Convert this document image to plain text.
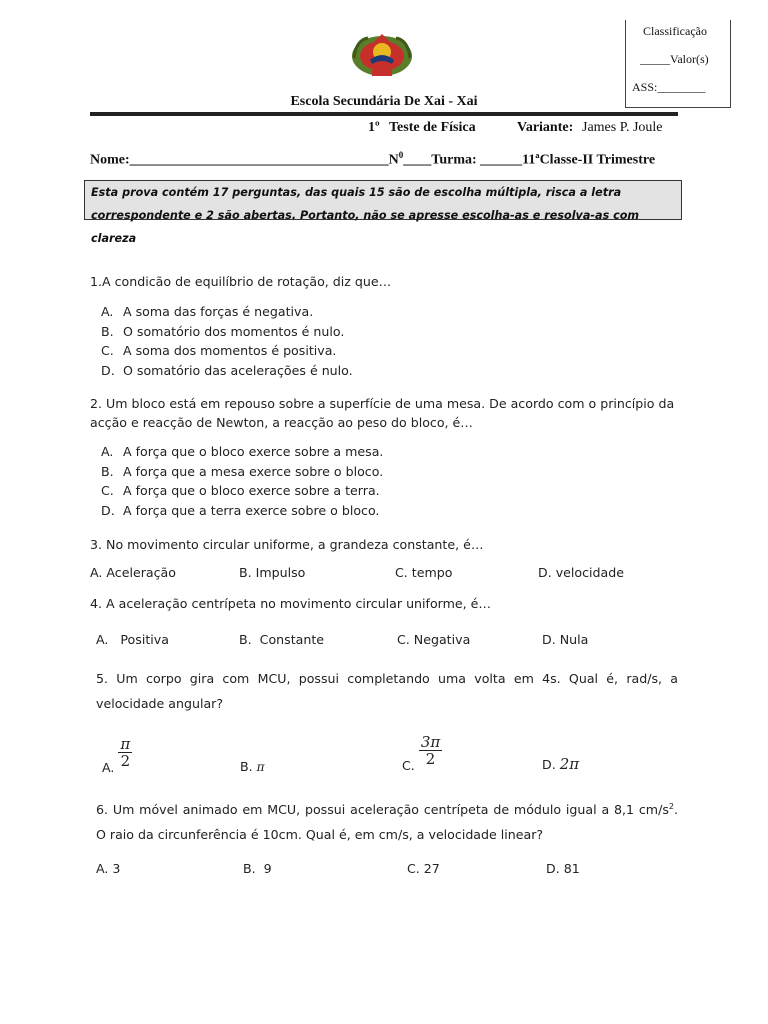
Classificação
_____Valor(s)
ASS:________
Escola Secundária De Xai - Xai
1º Teste de Física	Variante: James P. Joule
$Nome:\_\_\_\_\_\_\_\_\_\_\_\_\_\_\_\_\_\_\_\_\_\_\_\_\_\_\_\_\_\_\_\_\_\_\_\_\_N^0\_\_\_\_Turma$: ______11ªClasse-II Trimestre
Esta prova contém 17 perguntas, das quais 15 são de escolha múltipla, risca a letra correspondente e 2 são abertas. Portanto, não se apresse escolha-as e resolva-as com clareza
1.A condicão de equilíbrio de rotação, diz que…
A. A soma das forças é negativa.
B. O somatório dos momentos é nulo.
C. A soma dos momentos é positiva.
D. O somatório das acelerações é nulo.
2. Um bloco está em repouso sobre a superfície de uma mesa. De acordo com o princípio da acção e reacção de Newton, a reacção ao peso do bloco, é…
A. A força que o bloco exerce sobre a mesa.
B. A força que a mesa exerce sobre o bloco.
C. A força que o bloco exerce sobre a terra.
D. A força que a terra exerce sobre o bloco.
3. No movimento circular uniforme, a grandeza constante, é…
A. Aceleração	B. Impulso	C. tempo	D. velocidade
4. A aceleração centrípeta no movimento circular uniforme, é…
A.   Positiva	B.  Constante	C. Negativa	D. Nula
5. Um corpo gira com MCU, possui completando uma volta em 4s. Qual é, rad/s, a velocidade angular?
A. $\frac{\pi}{2}$	B. π	C. $\frac{3\pi}{2}$	D. 2π
6. Um móvel animado em MCU, possui aceleração centrípeta de módulo igual a 8,1 $cm/s^2$. O raio da circunferência é 10cm. Qual é, em cm/s, a velocidade linear?
A. 3	B.  9	C. 27	D. 81
